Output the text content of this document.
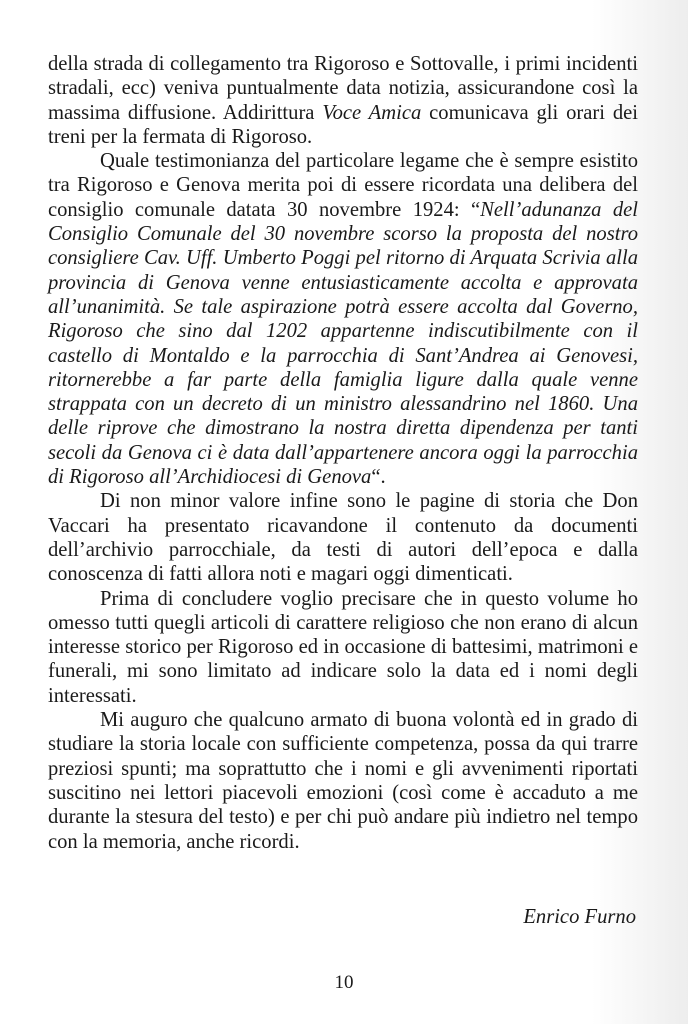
della strada di collegamento tra Rigoroso e Sottovalle, i primi incidenti stradali, ecc) veniva puntualmente data notizia, assicurandone così la massima diffusione. Addirittura Voce Amica comunicava gli orari dei treni per la fermata di Rigoroso.

Quale testimonianza del particolare legame che è sempre esistito tra Rigoroso e Genova merita poi di essere ricordata una delibera del consiglio comunale datata 30 novembre 1924: “Nell’adunanza del Consiglio Comunale del 30 novembre scorso la proposta del nostro consigliere Cav. Uff. Umberto Poggi pel ritorno di Arquata Scrivia alla provincia di Genova venne entusiasticamente accolta e approvata all’unanimità. Se tale aspirazione potrà essere accolta dal Governo, Rigoroso che sino dal 1202 appartenne indiscutibilmente con il castello di Montaldo e la parrocchia di Sant’Andrea ai Genovesi, ritornerebbe a far parte della famiglia ligure dalla quale venne strappata con un decreto di un ministro alessandrino nel 1860. Una delle riprove che dimostrano la nostra diretta dipendenza per tanti secoli da Genova ci è data dall’appartenere ancora oggi la parrocchia di Rigoroso all’Archidiocesi di Genova“.

Di non minor valore infine sono le pagine di storia che Don Vaccari ha presentato ricavandone il contenuto da documenti dell’archivio parrocchiale, da testi di autori dell’epoca e dalla conoscenza di fatti allora noti e magari oggi dimenticati.

Prima di concludere voglio precisare che in questo volume ho omesso tutti quegli articoli di carattere religioso che non erano di alcun interesse storico per Rigoroso ed in occasione di battesimi, matrimoni e funerali, mi sono limitato ad indicare solo la data ed i nomi degli interessati.

Mi auguro che qualcuno armato di buona volontà ed in grado di studiare la storia locale con sufficiente competenza, possa da qui trarre preziosi spunti; ma soprattutto che i nomi e gli avvenimenti riportati suscitino nei lettori piacevoli emozioni (così come è accaduto a me durante la stesura del testo) e per chi può andare più indietro nel tempo con la memoria, anche ricordi.

Enrico Furno
10
